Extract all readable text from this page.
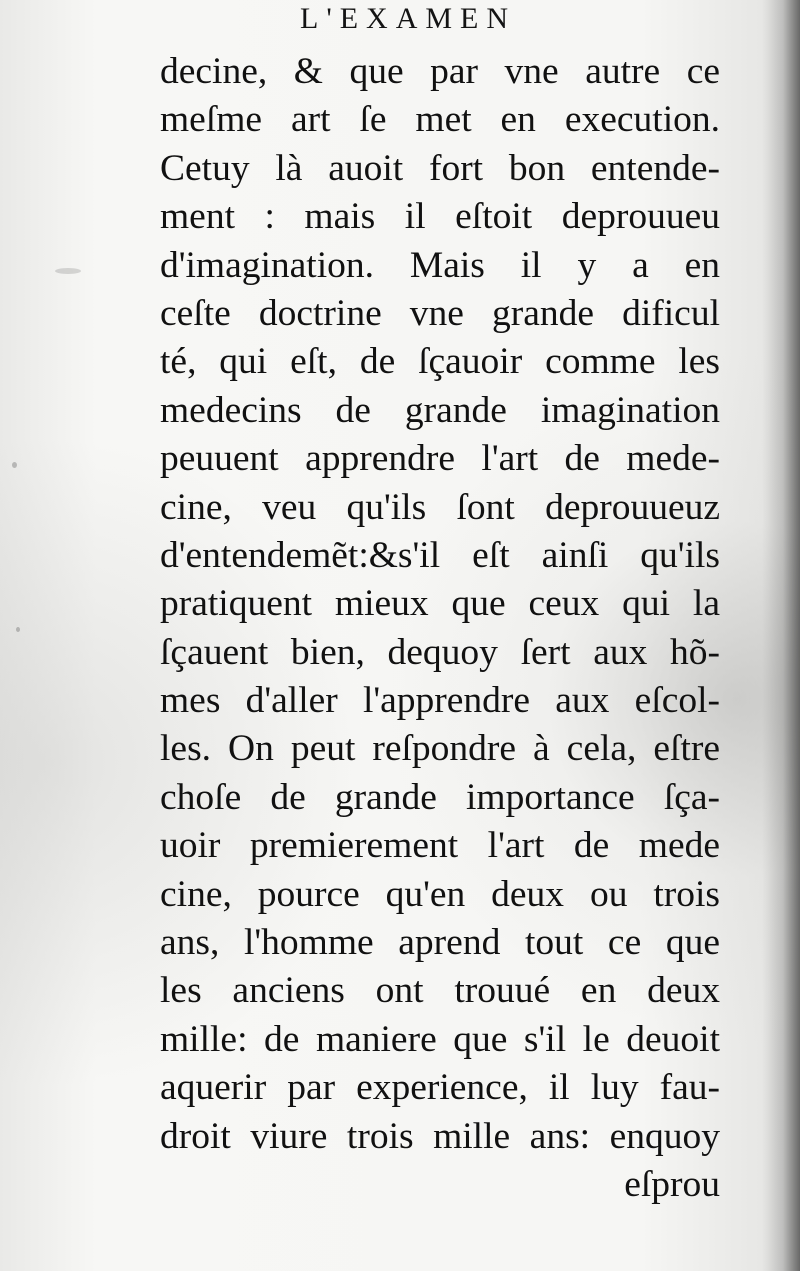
L'EXAMEN
decine, & que par vne autre ce
meſme art ſe met en execution.
Cetuy là auoit fort bon entende-
ment : mais il eſtoit deprouueu
d'imagination. Mais il y a en
ceſte doctrine vne grande dificul
té, qui eſt, de ſçauoir comme les
medecins de grande imagination
peuuent apprendre l'art de mede-
cine, veu qu'ils ſont deprouueuz
d'entendemẽt:&s'il eſt ainſi qu'ils
pratiquent mieux que ceux qui la
ſçauent bien, dequoy ſert aux hõ-
mes d'aller l'apprendre aux eſcol-
les. On peut reſpondre à cela, eſtre
choſe de grande importance ſça-
uoir premierement l'art de mede
cine, pource qu'en deux ou trois
ans, l'homme aprend tout ce que
les anciens ont trouué en deux
mille: de maniere que s'il le deuoit
aquerir par experience, il luy fau-
droit viure trois mille ans: enquoy
eſprou
